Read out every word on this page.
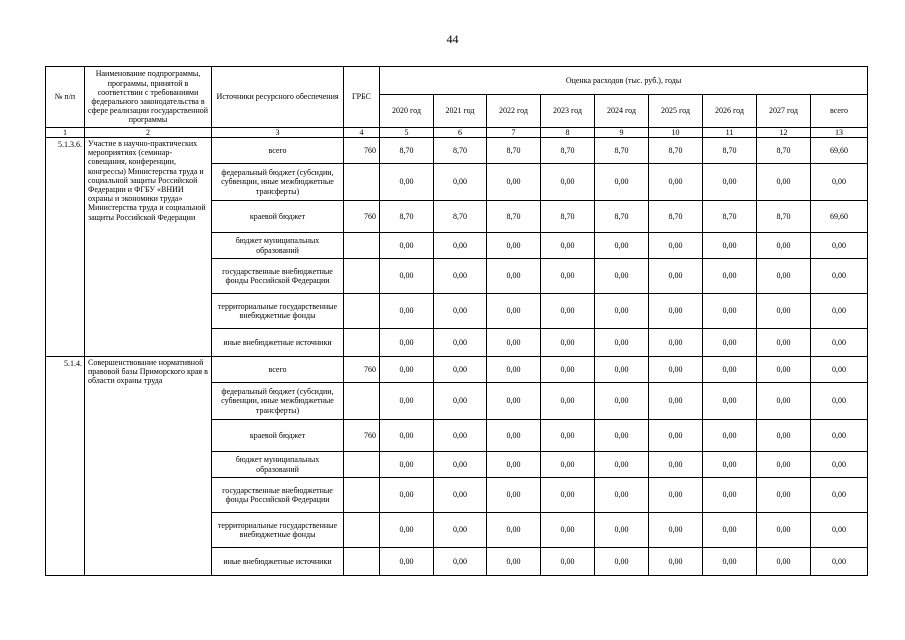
44
№ п/п	Наименование подпрограммы, программы, принятой в соответствии с требованиями федерального законодательства в сфере реализации государственной программы	Источники ресурсного обеспечения	ГРБС	Оценка расходов (тыс. руб.), годы								
				2020 год	2021 год	2022 год	2023 год	2024 год	2025 год	2026 год	2027 год	всего
1	2	3	4	5	6	7	8	9	10	11	12	13
5.1.3.6.	Участие в научно-практических мероприятиях (семинар-совещания, конференции, конгрессы) Министерства труда и социальной защиты Российской Федерации и ФГБУ «ВНИИ охраны и экономики труда» Министерства труда и социальной защиты Российской Федерации	всего	760	8,70	8,70	8,70	8,70	8,70	8,70	8,70	8,70	69,60
		федеральный бюджет (субсидии, субвенции, иные межбюджетные трансферты)		0,00	0,00	0,00	0,00	0,00	0,00	0,00	0,00	0,00
		краевой бюджет	760	8,70	8,70	8,70	8,70	8,70	8,70	8,70	8,70	69,60
		бюджет муниципальных образований		0,00	0,00	0,00	0,00	0,00	0,00	0,00	0,00	0,00
		государственные внебюджетные фонды Российской Федерации		0,00	0,00	0,00	0,00	0,00	0,00	0,00	0,00	0,00
		территориальные государственные внебюджетные фонды		0,00	0,00	0,00	0,00	0,00	0,00	0,00	0,00	0,00
		иные внебюджетные источники		0,00	0,00	0,00	0,00	0,00	0,00	0,00	0,00	0,00
5.1.4.	Совершенствование нормативной правовой базы Приморского края в области охраны труда	всего	760	0,00	0,00	0,00	0,00	0,00	0,00	0,00	0,00	0,00
		федеральный бюджет (субсидии, субвенции, иные межбюджетные трансферты)		0,00	0,00	0,00	0,00	0,00	0,00	0,00	0,00	0,00
		краевой бюджет	760	0,00	0,00	0,00	0,00	0,00	0,00	0,00	0,00	0,00
		бюджет муниципальных образований		0,00	0,00	0,00	0,00	0,00	0,00	0,00	0,00	0,00
		государственные внебюджетные фонды Российской Федерации		0,00	0,00	0,00	0,00	0,00	0,00	0,00	0,00	0,00
		территориальные государственные внебюджетные фонды		0,00	0,00	0,00	0,00	0,00	0,00	0,00	0,00	0,00
		иные внебюджетные источники		0,00	0,00	0,00	0,00	0,00	0,00	0,00	0,00	0,00
